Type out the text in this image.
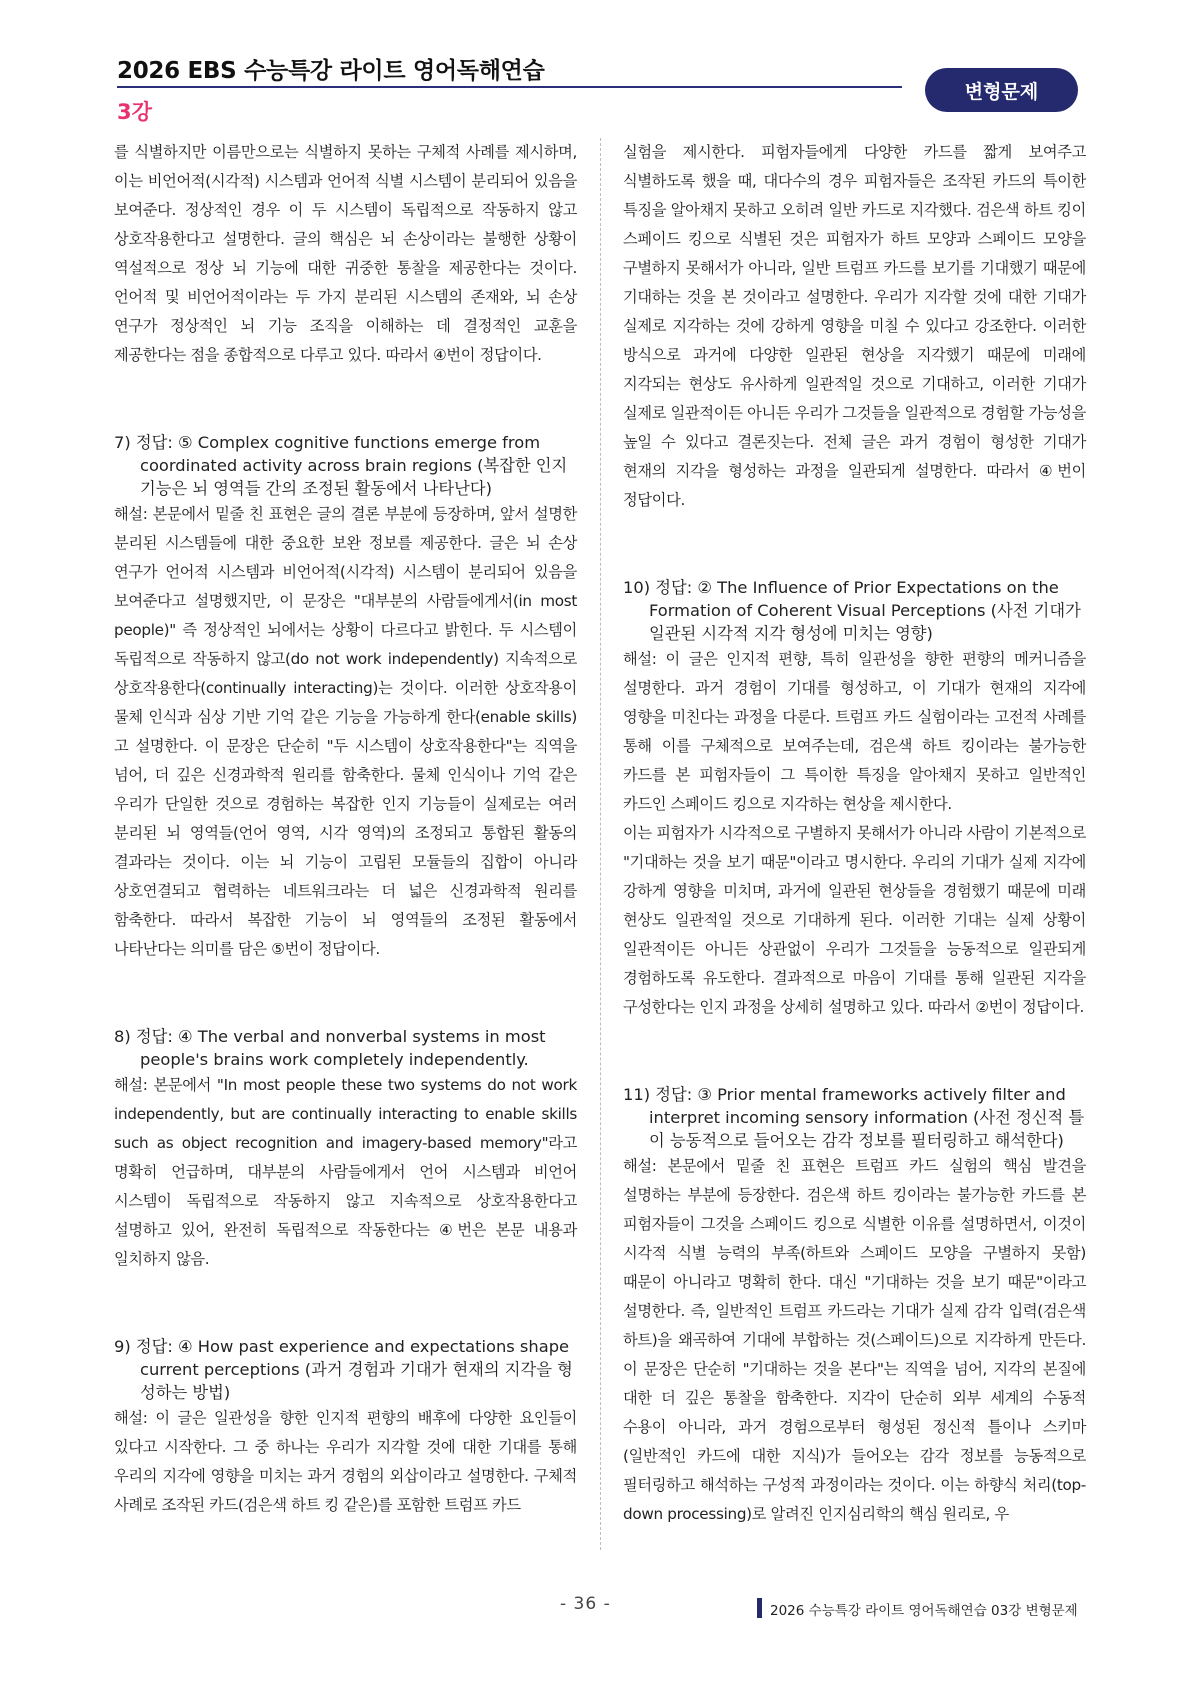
2026 EBS 수능특강 라이트 영어독해연습
변형문제
3강

를 식별하지만 이름만으로는 식별하지 못하는 구체적 사례를 제시하며, 이는 비언어적(시각적) 시스템과 언어적 식별 시스템이 분리되어 있음을 보여준다. 정상적인 경우 이 두 시스템이 독립적으로 작동하지 않고 상호작용한다고 설명한다. 글의 핵심은 뇌 손상이라는 불행한 상황이 역설적으로 정상 뇌 기능에 대한 귀중한 통찰을 제공한다는 것이다. 언어적 및 비언어적이라는 두 가지 분리된 시스템의 존재와, 뇌 손상 연구가 정상적인 뇌 기능 조직을 이해하는 데 결정적인 교훈을 제공한다는 점을 종합적으로 다루고 있다. 따라서 ④번이 정답이다.

7) 정답: ⑤ Complex cognitive functions emerge from coordinated activity across brain regions (복잡한 인지 기능은 뇌 영역들 간의 조정된 활동에서 나타난다)

해설: 본문에서 밑줄 친 표현은 글의 결론 부분에 등장하며, 앞서 설명한 분리된 시스템들에 대한 중요한 보완 정보를 제공한다. 글은 뇌 손상 연구가 언어적 시스템과 비언어적(시각적) 시스템이 분리되어 있음을 보여준다고 설명했지만, 이 문장은 "대부분의 사람들에게서(in most people)" 즉 정상적인 뇌에서는 상황이 다르다고 밝힌다. 두 시스템이 독립적으로 작동하지 않고(do not work independently) 지속적으로 상호작용한다(continually interacting)는 것이다. 이러한 상호작용이 물체 인식과 심상 기반 기억 같은 기능을 가능하게 한다(enable skills)고 설명한다. 이 문장은 단순히 "두 시스템이 상호작용한다"는 직역을 넘어, 더 깊은 신경과학적 원리를 함축한다. 물체 인식이나 기억 같은 우리가 단일한 것으로 경험하는 복잡한 인지 기능들이 실제로는 여러 분리된 뇌 영역들(언어 영역, 시각 영역)의 조정되고 통합된 활동의 결과라는 것이다. 이는 뇌 기능이 고립된 모듈들의 집합이 아니라 상호연결되고 협력하는 네트워크라는 더 넓은 신경과학적 원리를 함축한다. 따라서 복잡한 기능이 뇌 영역들의 조정된 활동에서 나타난다는 의미를 담은 ⑤번이 정답이다.

8) 정답: ④ The verbal and nonverbal systems in most people's brains work completely independently.

해설: 본문에서 "In most people these two systems do not work independently, but are continually interacting to enable skills such as object recognition and imagery-based memory"라고 명확히 언급하며, 대부분의 사람들에게서 언어 시스템과 비언어 시스템이 독립적으로 작동하지 않고 지속적으로 상호작용한다고 설명하고 있어, 완전히 독립적으로 작동한다는 ④번은 본문 내용과 일치하지 않음.

9) 정답: ④ How past experience and expectations shape current perceptions (과거 경험과 기대가 현재의 지각을 형성하는 방법)

해설: 이 글은 일관성을 향한 인지적 편향의 배후에 다양한 요인들이 있다고 시작한다. 그 중 하나는 우리가 지각할 것에 대한 기대를 통해 우리의 지각에 영향을 미치는 과거 경험의 외삽이라고 설명한다. 구체적 사례로 조작된 카드(검은색 하트 킹 같은)를 포함한 트럼프 카드

실험을 제시한다. 피험자들에게 다양한 카드를 짧게 보여주고 식별하도록 했을 때, 대다수의 경우 피험자들은 조작된 카드의 특이한 특징을 알아채지 못하고 오히려 일반 카드로 지각했다. 검은색 하트 킹이 스페이드 킹으로 식별된 것은 피험자가 하트 모양과 스페이드 모양을 구별하지 못해서가 아니라, 일반 트럼프 카드를 보기를 기대했기 때문에 기대하는 것을 본 것이라고 설명한다. 우리가 지각할 것에 대한 기대가 실제로 지각하는 것에 강하게 영향을 미칠 수 있다고 강조한다. 이러한 방식으로 과거에 다양한 일관된 현상을 지각했기 때문에 미래에 지각되는 현상도 유사하게 일관적일 것으로 기대하고, 이러한 기대가 실제로 일관적이든 아니든 우리가 그것들을 일관적으로 경험할 가능성을 높일 수 있다고 결론짓는다. 전체 글은 과거 경험이 형성한 기대가 현재의 지각을 형성하는 과정을 일관되게 설명한다. 따라서 ④번이 정답이다.

10) 정답: ② The Influence of Prior Expectations on the Formation of Coherent Visual Perceptions (사전 기대가 일관된 시각적 지각 형성에 미치는 영향)

해설: 이 글은 인지적 편향, 특히 일관성을 향한 편향의 메커니즘을 설명한다. 과거 경험이 기대를 형성하고, 이 기대가 현재의 지각에 영향을 미친다는 과정을 다룬다. 트럼프 카드 실험이라는 고전적 사례를 통해 이를 구체적으로 보여주는데, 검은색 하트 킹이라는 불가능한 카드를 본 피험자들이 그 특이한 특징을 알아채지 못하고 일반적인 카드인 스페이드 킹으로 지각하는 현상을 제시한다.

이는 피험자가 시각적으로 구별하지 못해서가 아니라 사람이 기본적으로 "기대하는 것을 보기 때문"이라고 명시한다. 우리의 기대가 실제 지각에 강하게 영향을 미치며, 과거에 일관된 현상들을 경험했기 때문에 미래 현상도 일관적일 것으로 기대하게 된다. 이러한 기대는 실제 상황이 일관적이든 아니든 상관없이 우리가 그것들을 능동적으로 일관되게 경험하도록 유도한다. 결과적으로 마음이 기대를 통해 일관된 지각을 구성한다는 인지 과정을 상세히 설명하고 있다. 따라서 ②번이 정답이다.

11) 정답: ③ Prior mental frameworks actively filter and interpret incoming sensory information (사전 정신적 틀이 능동적으로 들어오는 감각 정보를 필터링하고 해석한다)

해설: 본문에서 밑줄 친 표현은 트럼프 카드 실험의 핵심 발견을 설명하는 부분에 등장한다. 검은색 하트 킹이라는 불가능한 카드를 본 피험자들이 그것을 스페이드 킹으로 식별한 이유를 설명하면서, 이것이 시각적 식별 능력의 부족(하트와 스페이드 모양을 구별하지 못함) 때문이 아니라고 명확히 한다. 대신 "기대하는 것을 보기 때문"이라고 설명한다. 즉, 일반적인 트럼프 카드라는 기대가 실제 감각 입력(검은색 하트)을 왜곡하여 기대에 부합하는 것(스페이드)으로 지각하게 만든다. 이 문장은 단순히 "기대하는 것을 본다"는 직역을 넘어, 지각의 본질에 대한 더 깊은 통찰을 함축한다. 지각이 단순히 외부 세계의 수동적 수용이 아니라, 과거 경험으로부터 형성된 정신적 틀이나 스키마(일반적인 카드에 대한 지식)가 들어오는 감각 정보를 능동적으로 필터링하고 해석하는 구성적 과정이라는 것이다. 이는 하향식 처리(top-down processing)로 알려진 인지심리학의 핵심 원리로, 우

- 36 -	2026 수능특강 라이트 영어독해연습 03강 변형문제
